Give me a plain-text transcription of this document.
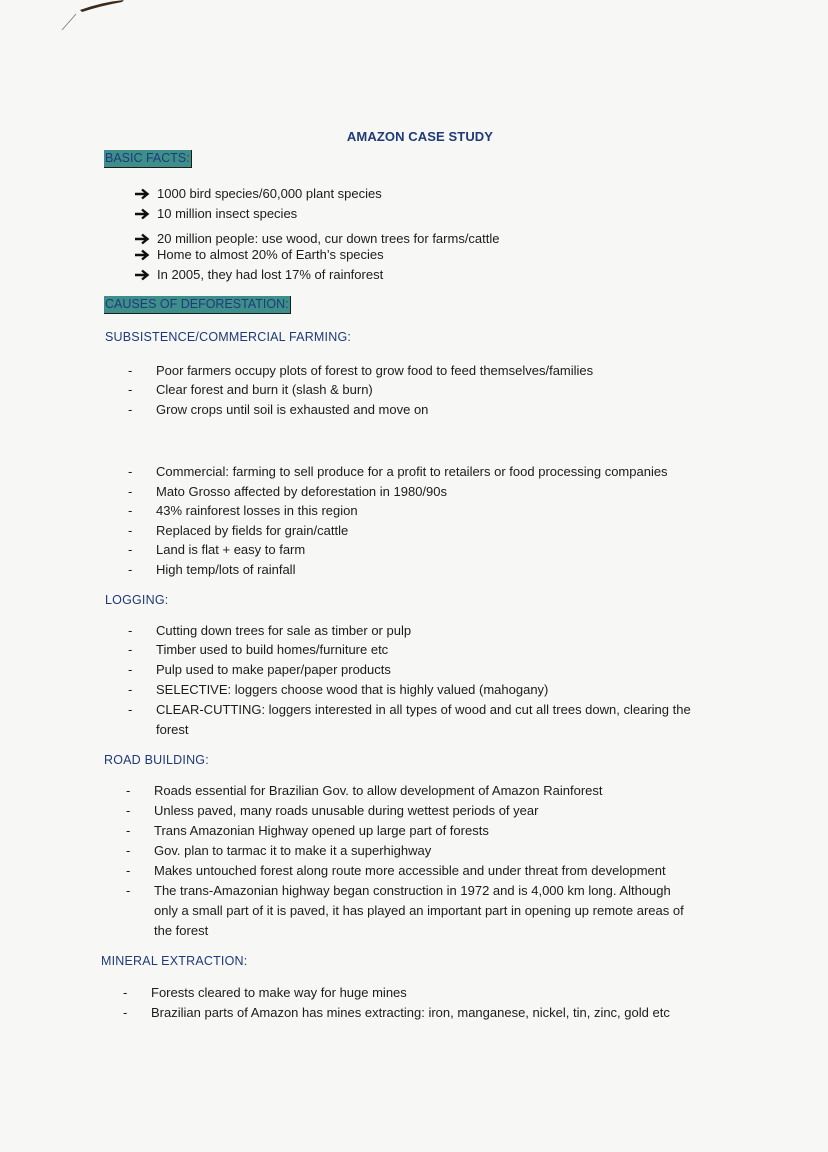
AMAZON CASE STUDY
BASIC FACTS:
1000 bird species/60,000 plant species
10 million insect species
20 million people: use wood, cur down trees for farms/cattle
Home to almost 20% of Earth’s species
In 2005, they had lost 17% of rainforest
CAUSES OF DEFORESTATION:
SUBSISTENCE/COMMERCIAL FARMING:
- Poor farmers occupy plots of forest to grow food to feed themselves/families
- Clear forest and burn it (slash & burn)
- Grow crops until soil is exhausted and move on
- Commercial: farming to sell produce for a profit to retailers or food processing companies
- Mato Grosso affected by deforestation in 1980/90s
- 43% rainforest losses in this region
- Replaced by fields for grain/cattle
- Land is flat + easy to farm
- High temp/lots of rainfall
LOGGING:
- Cutting down trees for sale as timber or pulp
- Timber used to build homes/furniture etc
- Pulp used to make paper/paper products
- SELECTIVE: loggers choose wood that is highly valued (mahogany)
- CLEAR-CUTTING: loggers interested in all types of wood and cut all trees down, clearing the
forest
ROAD BUILDING:
- Roads essential for Brazilian Gov. to allow development of Amazon Rainforest
- Unless paved, many roads unusable during wettest periods of year
- Trans Amazonian Highway opened up large part of forests
- Gov. plan to tarmac it to make it a superhighway
- Makes untouched forest along route more accessible and under threat from development
- The trans-Amazonian highway began construction in 1972 and is 4,000 km long. Although
only a small part of it is paved, it has played an important part in opening up remote areas of
the forest
MINERAL EXTRACTION:
- Forests cleared to make way for huge mines
- Brazilian parts of Amazon has mines extracting: iron, manganese, nickel, tin, zinc, gold etc
